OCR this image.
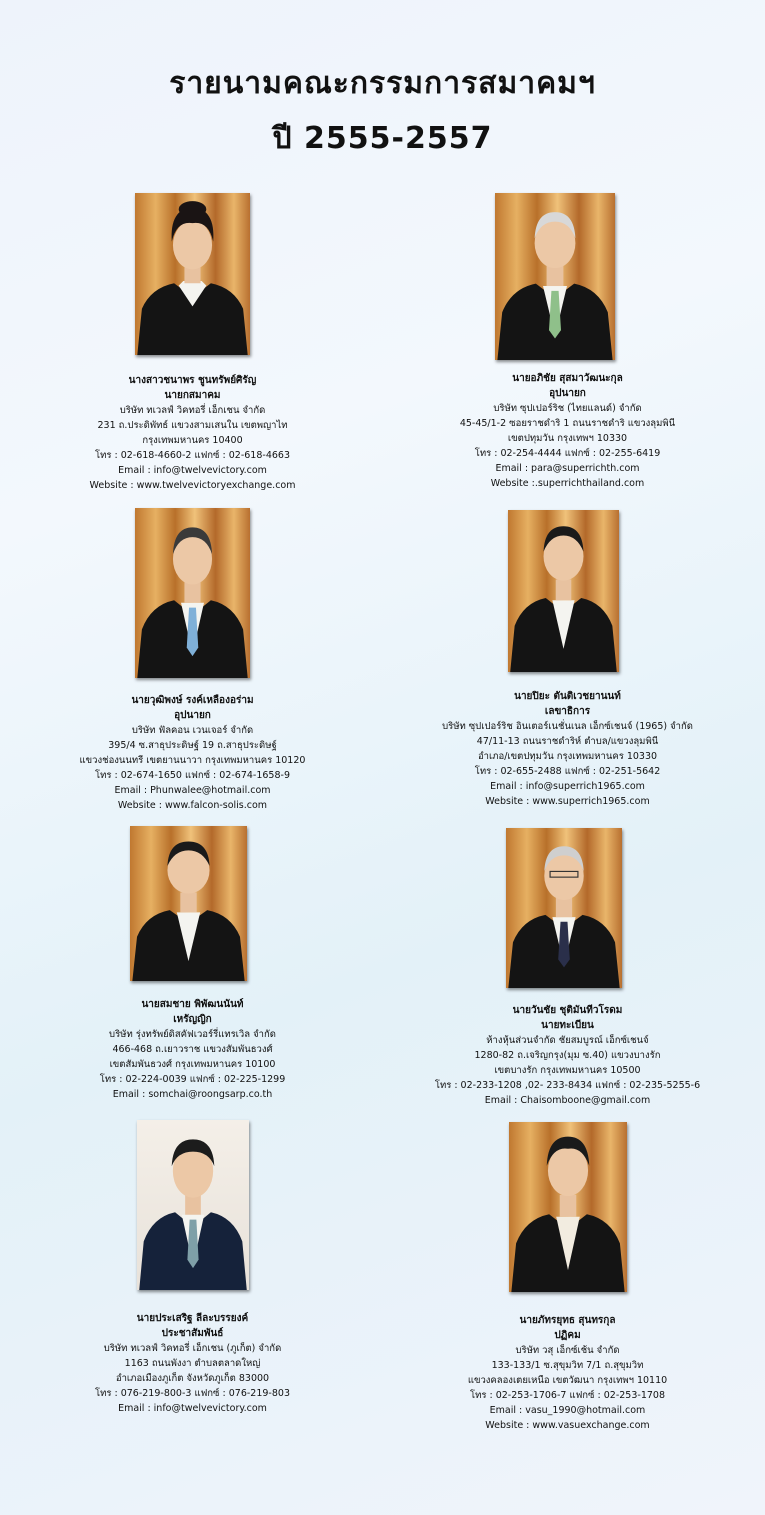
รายนามคณะกรรมการสมาคมฯ
ปี 2555-2557
นางสาวชนาพร ชูนทรัพย์ศิรัญ
นายกสมาคม
บริษัท ทเวลฟ์ วิคทอรี่ เอ็กเชน จำกัด
231 ถ.ประดิพัทธ์ แขวงสามเสนใน เขตพญาไท
กรุงเทพมหานคร 10400
โทร : 02-618-4660-2 แฟกซ์ : 02-618-4663
Email : info@twelvevictory.com
Website : www.twelvevictoryexchange.com
นายอภิชัย สุสมาวัฒนะกุล
อุปนายก
บริษัท ซุปเปอร์ริช (ไทยแลนด์) จำกัด
45-45/1-2 ซอยราชดำริ 1 ถนนราชดำริ แขวงลุมพินี
เขตปทุมวัน กรุงเทพฯ 10330
โทร : 02-254-4444 แฟกซ์ : 02-255-6419
Email : para@superrichth.com
Website :.superrichthailand.com
นายวุฒิพงษ์ รงค์เหลืองอร่าม
อุปนายก
บริษัท ฟัลคอน เวนเจอร์ จำกัด
395/4 ซ.สาธุประดิษฐ์ 19 ถ.สาธุประดิษฐ์
แขวงช่องนนทรี เขตยานนาวา กรุงเทพมหานคร 10120
โทร : 02-674-1650 แฟกซ์ : 02-674-1658-9
Email : Phunwalee@hotmail.com
Website : www.falcon-solis.com
นายปิยะ ตันติเวชยานนท์
เลขาธิการ
บริษัท ซุปเปอร์ริช อินเตอร์เนชั่นเนล เอ็กซ์เชนจ์ (1965) จำกัด
47/11-13 ถนนราชดำริห์ ตำบล/แขวงลุมพินี
อำเภอ/เขตปทุมวัน กรุงเทพมหานคร 10330
โทร : 02-655-2488 แฟกซ์ : 02-251-5642
Email : info@superrich1965.com
Website : www.superrich1965.com
นายสมชาย พิพัฒนนันท์
เหรัญญิก
บริษัท รุ่งทรัพย์ดิสคัฟเวอร์รี่แทรเวิล จำกัด
466-468 ถ.เยาวราช แขวงสัมพันธวงศ์
เขตสัมพันธวงศ์ กรุงเทพมหานคร 10100
โทร : 02-224-0039 แฟกซ์ : 02-225-1299
Email : somchai@roongsarp.co.th
นายวันชัย ชุติมันทีวโรดม
นายทะเบียน
ห้างหุ้นส่วนจำกัด ชัยสมบูรณ์ เอ็กซ์เชนจ์
1280-82 ถ.เจริญกรุง(มุม ซ.40) แขวงบางรัก
เขตบางรัก กรุงเทพมหานคร 10500
โทร : 02-233-1208 ,02- 233-8434 แฟกซ์ : 02-235-5255-6
Email : Chaisomboone@gmail.com
นายประเสริฐ ลีละบรรยงค์
ประชาสัมพันธ์
บริษัท ทเวลฟ์ วิคทอรี่ เอ็กเชน (ภูเก็ต) จำกัด
1163 ถนนพังงา ตำบลตลาดใหญ่
อำเภอเมืองภูเก็ต จังหวัดภูเก็ต 83000
โทร : 076-219-800-3 แฟกซ์ : 076-219-803
Email : info@twelvevictory.com
นายภัทรยุทธ สุนทรกุล
ปฏิคม
บริษัท วสุ เอ็กซ์เช้น จำกัด
133-133/1 ซ.สุขุมวิท 7/1 ถ.สุขุมวิท
แขวงคลองเตยเหนือ เขตวัฒนา กรุงเทพฯ 10110
โทร : 02-253-1706-7 แฟกซ์ : 02-253-1708
Email : vasu_1990@hotmail.com
Website : www.vasuexchange.com
